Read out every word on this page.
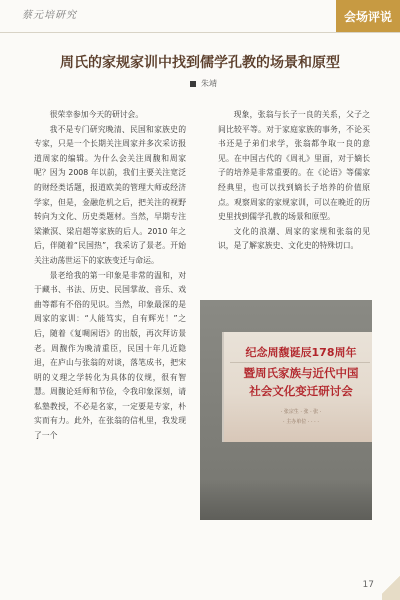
蔡元培研究	会场评说
周氏的家规家训中找到儒学孔教的场景和原型
朱靖

很荣幸参加今天的研讨会。

我不是专门研究晚清、民国和家族史的专家，只是一个长期关注周家并多次采访报道周家的编辑。为什么会关注周馥和周家呢？因为 2008 年以前，我们主要关注宽泛的财经类话题，报道欧美的管理大师或经济学家，但是，金融危机之后，把关注的视野转向为文化、历史类题材。当然，早期专注梁漱溟、梁启超等家族的后人。2010 年之后，伴随着“民国热”，我采访了景老。开始关注动荡世运下的家族变迁与命运。

景老给我的第一印象是非常的温和，对于藏书、书法、历史、民国掌故、音乐、戏曲等都有不俗的见识。当然，印象最深的是周家的家训：“人能笃实，自有辉光！”之后，随着《复啁闲语》的出版，再次拜访景老。周馥作为晚清重臣，民国十年几近隐退，在庐山与张翁的对谈，落笔成书，把宋明的义理之学转化为具体的仪规，很有智慧。周馥论廷师和节俭，令我印象深刻，请私塾教授，不必是名家，一定要是专家，朴实而有力。此外，在张翁的信札里，我发现了一个

现象，张翁与长子一良的关系，父子之间比较平等。对于家庭家族的事务，不论买书还是子弟们求学，张翁都争取一良的意见。在中国古代的《周礼》里面，对于嫡长子的培养是非常重要的。在《论语》等儒家经典里，也可以找到嫡长子培养的价值原点。观察周家的家规家训，可以在晚近的历史里找到儒学孔教的场景和原型。

文化的浪潮、周家的家规和张翁的见识，是了解家族史、文化史的特殊切口。

纪念周馥诞辰178周年
暨周氏家族与近代中国
社会文化变迁研讨会
· 张宗生 · 张 · 张 ·
· 主办单位 · · · ·
17
